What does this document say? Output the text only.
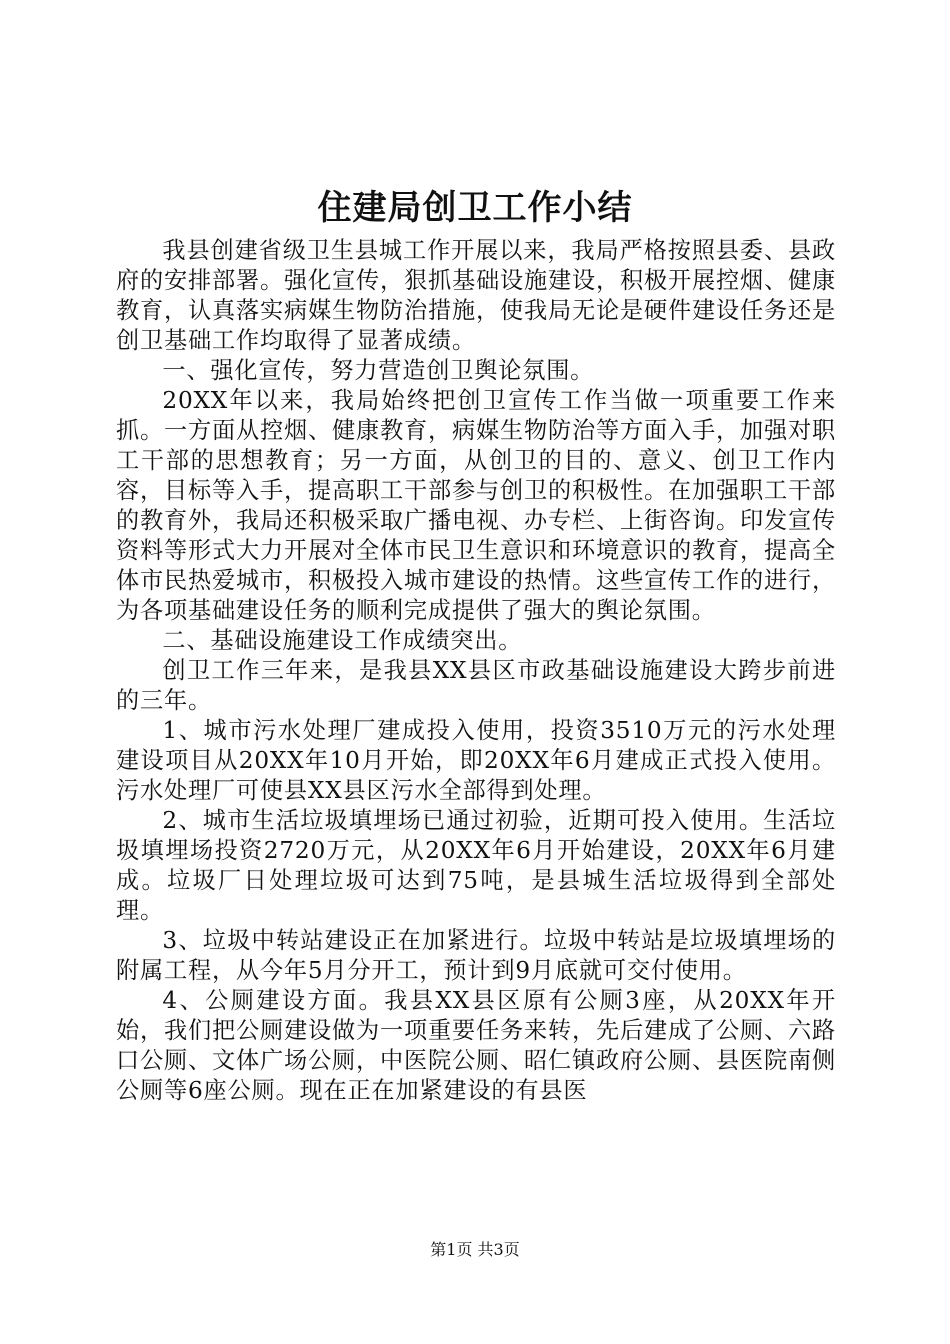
住建局创卫工作小结

我县创建省级卫生县城工作开展以来，我局严格按照县委、县政府的安排部署。强化宣传，狠抓基础设施建设，积极开展控烟、健康教育，认真落实病媒生物防治措施，使我局无论是硬件建设任务还是创卫基础工作均取得了显著成绩。

一、强化宣传，努力营造创卫舆论氛围。

20XX年以来，我局始终把创卫宣传工作当做一项重要工作来抓。一方面从控烟、健康教育，病媒生物防治等方面入手，加强对职工干部的思想教育；另一方面，从创卫的目的、意义、创卫工作内容，目标等入手，提高职工干部参与创卫的积极性。在加强职工干部的教育外，我局还积极采取广播电视、办专栏、上街咨询。印发宣传资料等形式大力开展对全体市民卫生意识和环境意识的教育，提高全体市民热爱城市，积极投入城市建设的热情。这些宣传工作的进行，为各项基础建设任务的顺利完成提供了强大的舆论氛围。

二、基础设施建设工作成绩突出。

创卫工作三年来，是我县XX县区市政基础设施建设大跨步前进的三年。

1、城市污水处理厂建成投入使用，投资3510万元的污水处理建设项目从20XX年10月开始，即20XX年6月建成正式投入使用。污水处理厂可使县XX县区污水全部得到处理。

2、城市生活垃圾填埋场已通过初验，近期可投入使用。生活垃圾填埋场投资2720万元，从20XX年6月开始建设，20XX年6月建成。垃圾厂日处理垃圾可达到75吨，是县城生活垃圾得到全部处理。

3、垃圾中转站建设正在加紧进行。垃圾中转站是垃圾填埋场的附属工程，从今年5月分开工，预计到9月底就可交付使用。

4、公厕建设方面。我县XX县区原有公厕3座，从20XX年开始，我们把公厕建设做为一项重要任务来转，先后建成了公厕、六路口公厕、文体广场公厕，中医院公厕、昭仁镇政府公厕、县医院南侧公厕等6座公厕。现在正在加紧建设的有县医

第1页 共3页
